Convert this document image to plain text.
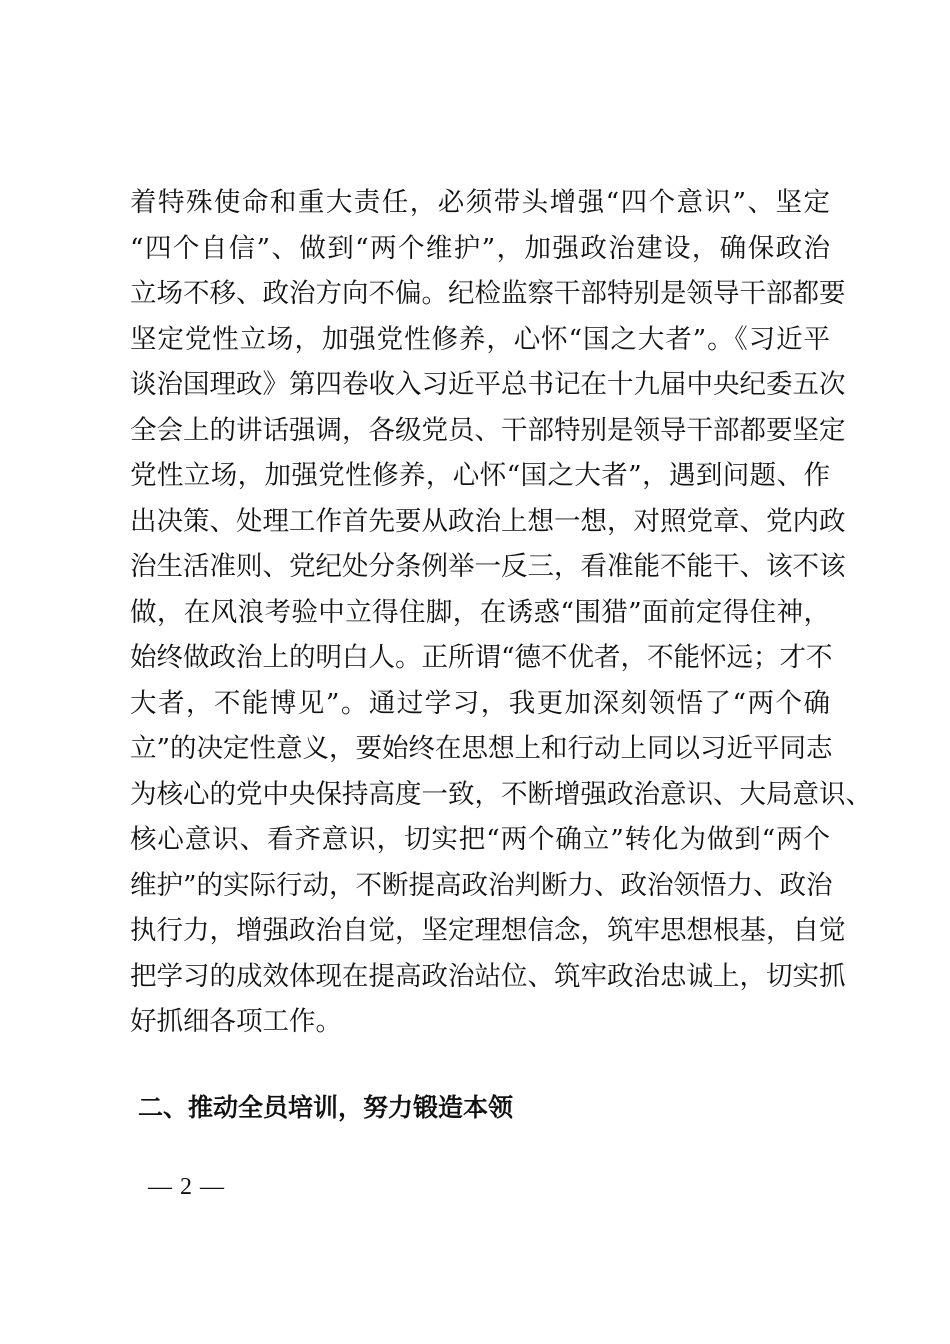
着特殊使命和重大责任，必须带头增强“四个意识”、坚定
“四个自信”、做到“两个维护”，加强政治建设，确保政治
立场不移、政治方向不偏。纪检监察干部特别是领导干部都要
坚定党性立场，加强党性修养，心怀“国之大者”。《习近平
谈治国理政》第四卷收入习近平总书记在十九届中央纪委五次
全会上的讲话强调，各级党员、干部特别是领导干部都要坚定
党性立场，加强党性修养，心怀“国之大者”，遇到问题、作
出决策、处理工作首先要从政治上想一想，对照党章、党内政
治生活准则、党纪处分条例举一反三，看准能不能干、该不该
做，在风浪考验中立得住脚，在诱惑“围猎”面前定得住神，
始终做政治上的明白人。正所谓“德不优者，不能怀远；才不
大者，不能博见”。通过学习，我更加深刻领悟了“两个确
立”的决定性意义，要始终在思想上和行动上同以习近平同志
为核心的党中央保持高度一致，不断增强政治意识、大局意识、
核心意识、看齐意识，切实把“两个确立”转化为做到“两个
维护”的实际行动，不断提高政治判断力、政治领悟力、政治
执行力，增强政治自觉，坚定理想信念，筑牢思想根基，自觉
把学习的成效体现在提高政治站位、筑牢政治忠诚上，切实抓
好抓细各项工作。
二、推动全员培训，努力锻造本领
— 2 —
